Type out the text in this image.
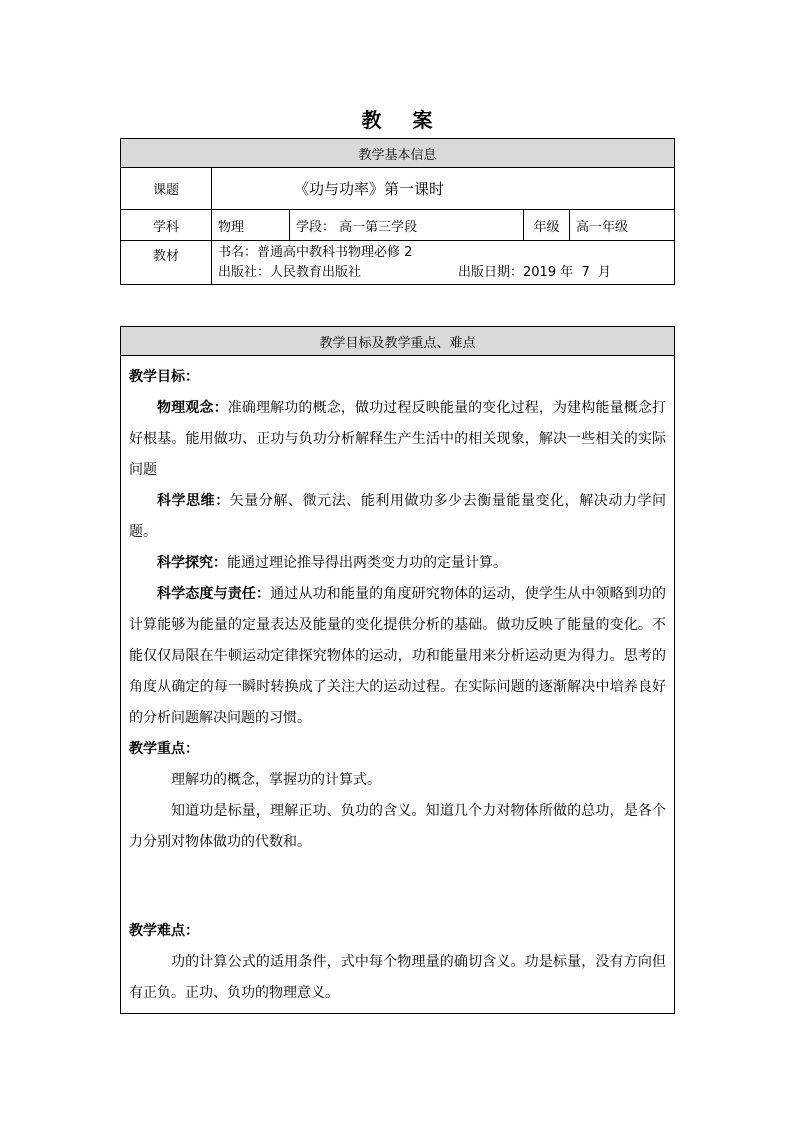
教 案
教学基本信息				
课题	《功与功率》第一课时			
学科	物理	学段： 高一第三学段	年级	高一年级
教材	书名：普通高中教科书物理必修 2
出版社：人民教育出版社 出版日期：2019 年  7  月			
教学目标及教学重点、难点

教学目标：

物理观念：准确理解功的概念，做功过程反映能量的变化过程，为建构能量概念打好根基。能用做功、正功与负功分析解释生产生活中的相关现象，解决一些相关的实际问题

科学思维：矢量分解、微元法、能利用做功多少去衡量能量变化，解决动力学问题。

科学探究：能通过理论推导得出两类变力功的定量计算。

科学态度与责任：通过从功和能量的角度研究物体的运动，使学生从中领略到功的计算能够为能量的定量表达及能量的变化提供分析的基础。做功反映了能量的变化。不能仅仅局限在牛顿运动定律探究物体的运动，功和能量用来分析运动更为得力。思考的角度从确定的每一瞬时转换成了关注大的运动过程。在实际问题的逐渐解决中培养良好的分析问题解决问题的习惯。

教学重点：

理解功的概念，掌握功的计算式。

知道功是标量，理解正功、负功的含义。知道几个力对物体所做的总功，是各个力分别对物体做功的代数和。

教学难点：

功的计算公式的适用条件，式中每个物理量的确切含义。功是标量，没有方向但有正负。正功、负功的物理意义。
